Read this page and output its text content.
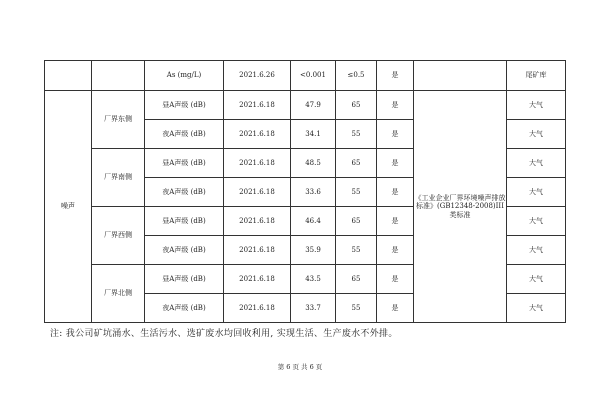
		As (mg/L)	2021.6.26	<0.001	≤0.5	是		尾矿库
噪声	厂界东侧	昼A声级 (dB)	2021.6.18	47.9	65	是	《工业企业厂界环境噪声排放标准》(GB12348-2008)III类标准	大气
		夜A声级 (dB)	2021.6.18	34.1	55	是		大气
	厂界南侧	昼A声级 (dB)	2021.6.18	48.5	65	是		大气
		夜A声级 (dB)	2021.6.18	33.6	55	是		大气
	厂界西侧	昼A声级 (dB)	2021.6.18	46.4	65	是		大气
		夜A声级 (dB)	2021.6.18	35.9	55	是		大气
	厂界北侧	昼A声级 (dB)	2021.6.18	43.5	65	是		大气
		夜A声级 (dB)	2021.6.18	33.7	55	是		大气
注: 我公司矿坑涌水、生活污水、选矿废水均回收利用, 实现生活、生产废水不外排。
第 6 页 共 6 页
